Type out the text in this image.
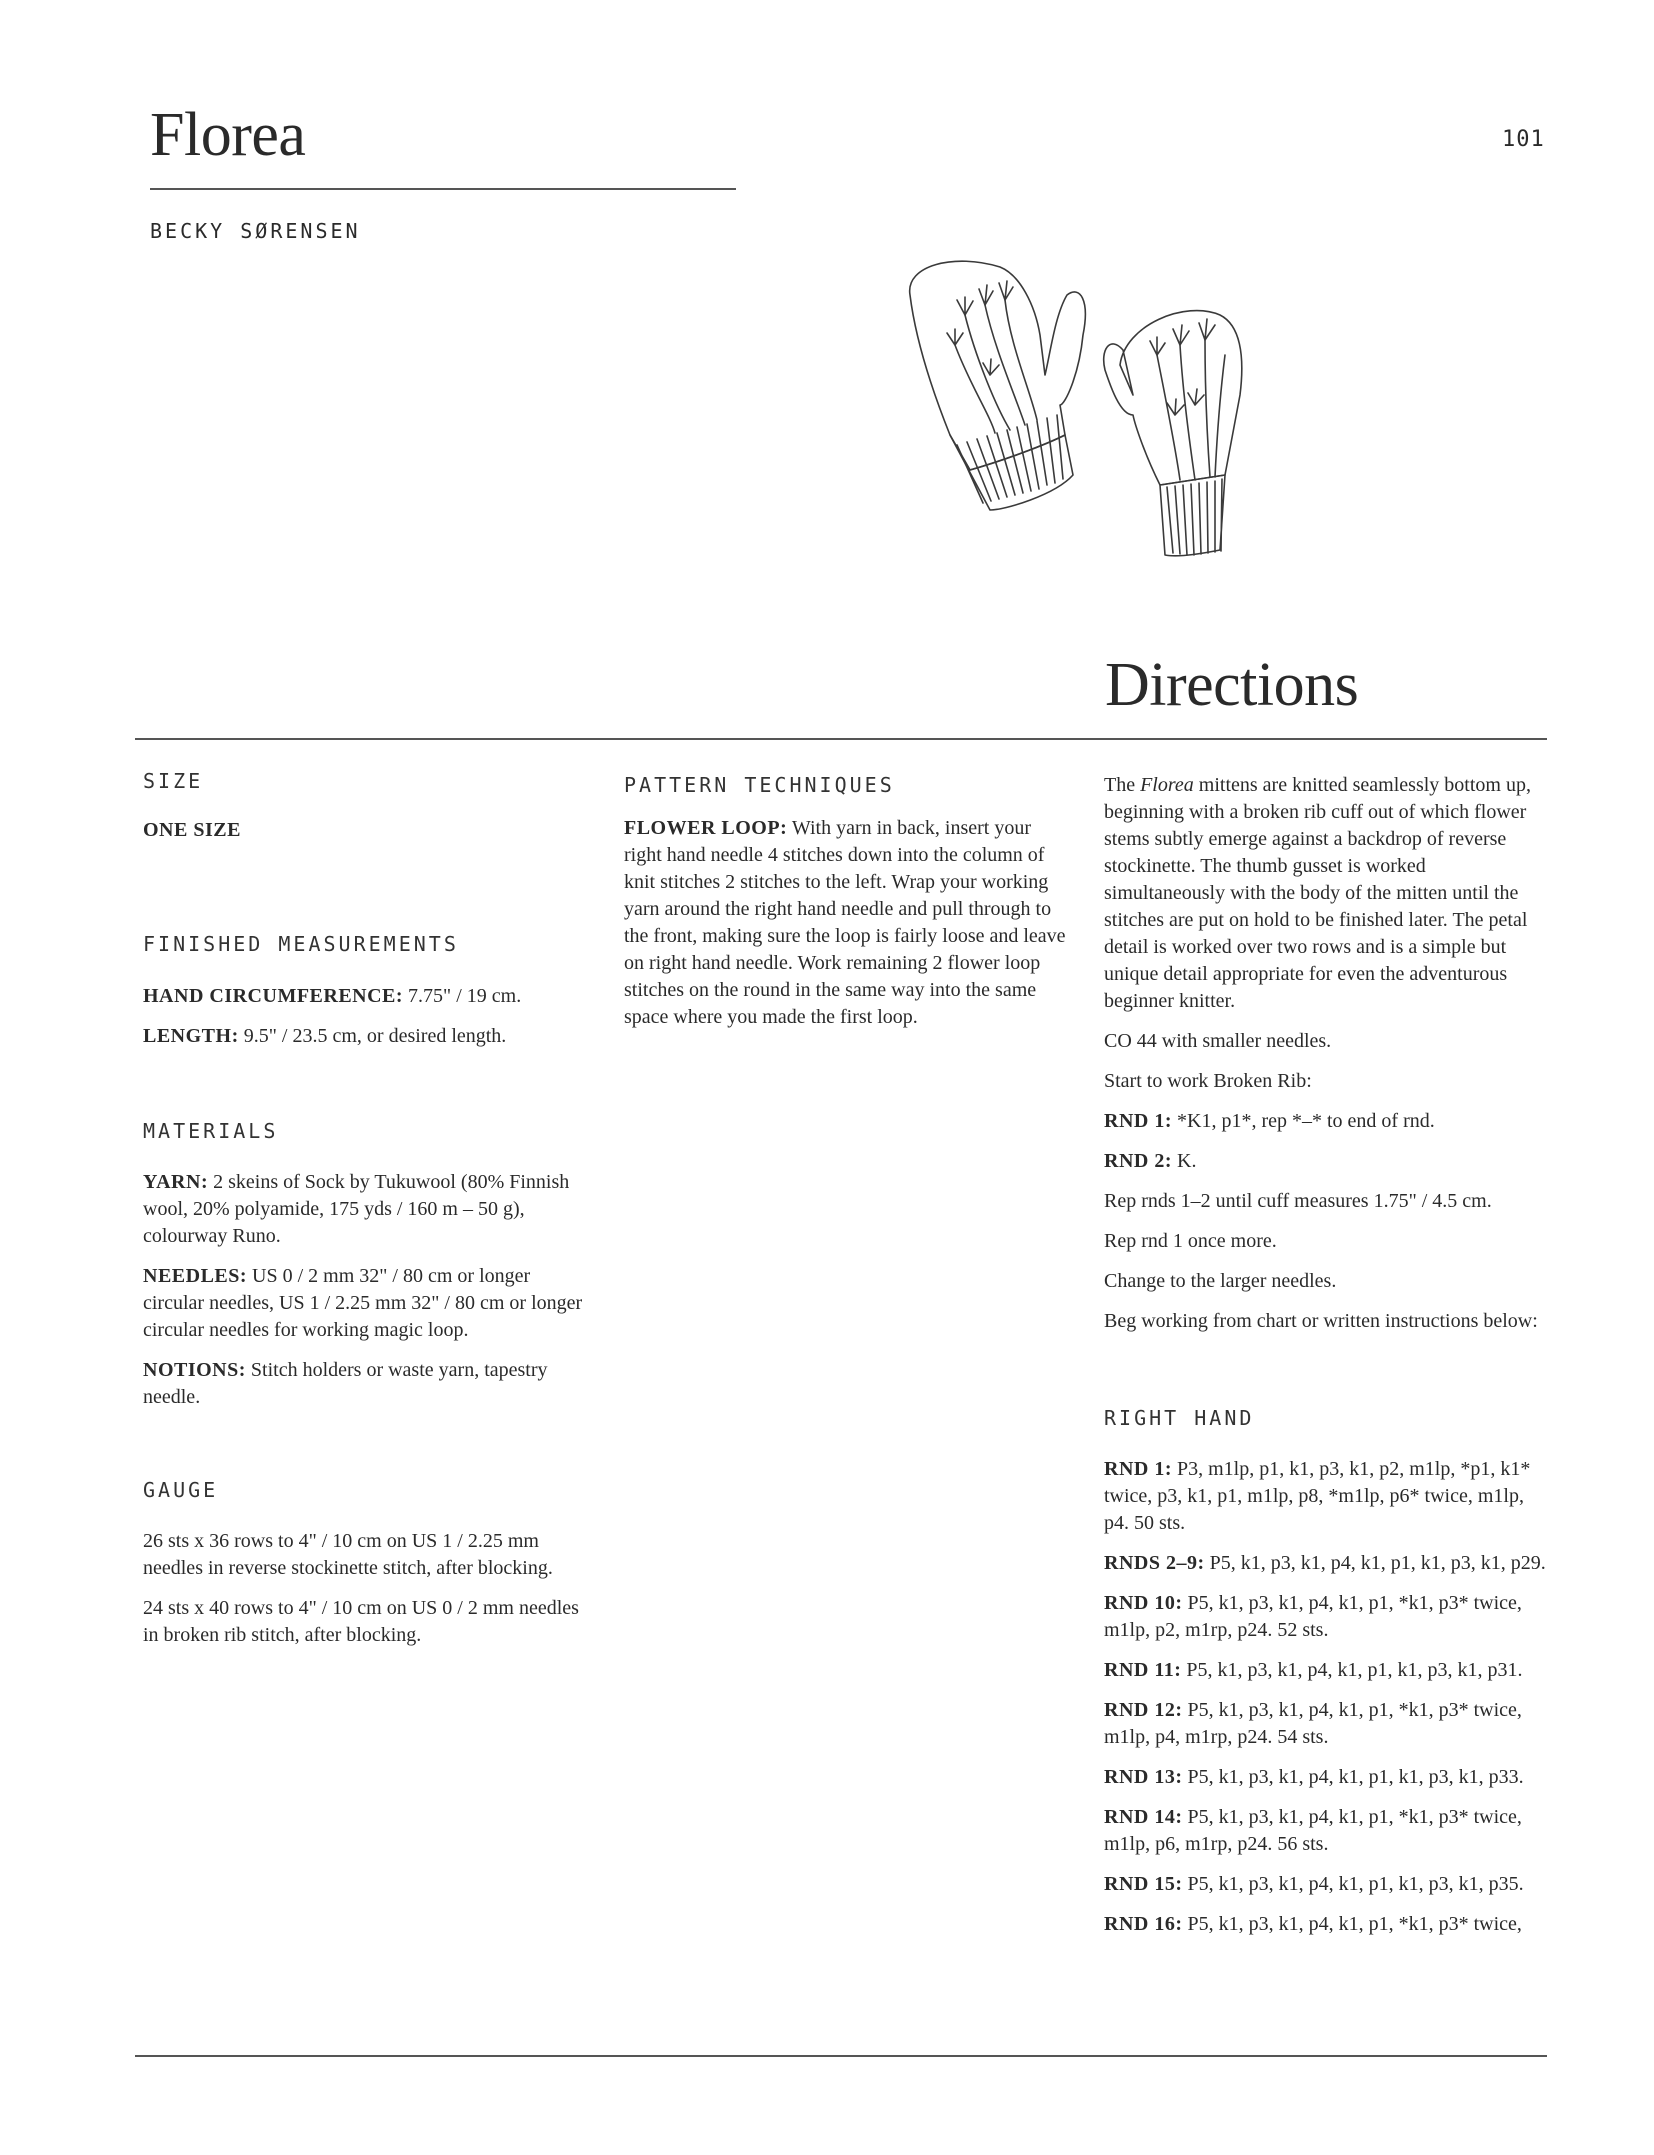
Florea	101
BECKY SØRENSEN
Directions

SIZE

ONE SIZE

FINISHED MEASUREMENTS

HAND CIRCUMFERENCE: 7.75" / 19 cm.

LENGTH: 9.5" / 23.5 cm, or desired length.

MATERIALS

YARN: 2 skeins of Sock by Tukuwool (80% Finnish wool, 20% polyamide, 175 yds / 160 m – 50 g), colourway Runo.

NEEDLES: US 0 / 2 mm 32" / 80 cm or longer circular needles, US 1 / 2.25 mm 32" / 80 cm or longer circular needles for working magic loop.

NOTIONS: Stitch holders or waste yarn, tapestry needle.

GAUGE

26 sts x 36 rows to 4" / 10 cm on US 1 / 2.25 mm needles in reverse stockinette stitch, after blocking.

24 sts x 40 rows to 4" / 10 cm on US 0 / 2 mm needles in broken rib stitch, after blocking.

PATTERN TECHNIQUES

FLOWER LOOP: With yarn in back, insert your right hand needle 4 stitches down into the column of knit stitches 2 stitches to the left. Wrap your working yarn around the right hand needle and pull through to the front, making sure the loop is fairly loose and leave on right hand needle. Work remaining 2 flower loop stitches on the round in the same way into the same space where you made the first loop.

The Florea mittens are knitted seamlessly bottom up, beginning with a broken rib cuff out of which flower stems subtly emerge against a backdrop of reverse stockinette. The thumb gusset is worked simultaneously with the body of the mitten until the stitches are put on hold to be finished later. The petal detail is worked over two rows and is a simple but unique detail appropriate for even the adventurous beginner knitter.

CO 44 with smaller needles.

Start to work Broken Rib:

RND 1: *K1, p1*, rep *–* to end of rnd.

RND 2: K.

Rep rnds 1–2 until cuff measures 1.75" / 4.5 cm.

Rep rnd 1 once more.

Change to the larger needles.

Beg working from chart or written instructions below:

RIGHT HAND

RND 1: P3, m1lp, p1, k1, p3, k1, p2, m1lp, *p1, k1* twice, p3, k1, p1, m1lp, p8, *m1lp, p6* twice, m1lp, p4. 50 sts.

RNDS 2–9: P5, k1, p3, k1, p4, k1, p1, k1, p3, k1, p29.

RND 10: P5, k1, p3, k1, p4, k1, p1, *k1, p3* twice, m1lp, p2, m1rp, p24. 52 sts.

RND 11: P5, k1, p3, k1, p4, k1, p1, k1, p3, k1, p31.

RND 12: P5, k1, p3, k1, p4, k1, p1, *k1, p3* twice, m1lp, p4, m1rp, p24. 54 sts.

RND 13: P5, k1, p3, k1, p4, k1, p1, k1, p3, k1, p33.

RND 14: P5, k1, p3, k1, p4, k1, p1, *k1, p3* twice, m1lp, p6, m1rp, p24. 56 sts.

RND 15: P5, k1, p3, k1, p4, k1, p1, k1, p3, k1, p35.

RND 16: P5, k1, p3, k1, p4, k1, p1, *k1, p3* twice,
